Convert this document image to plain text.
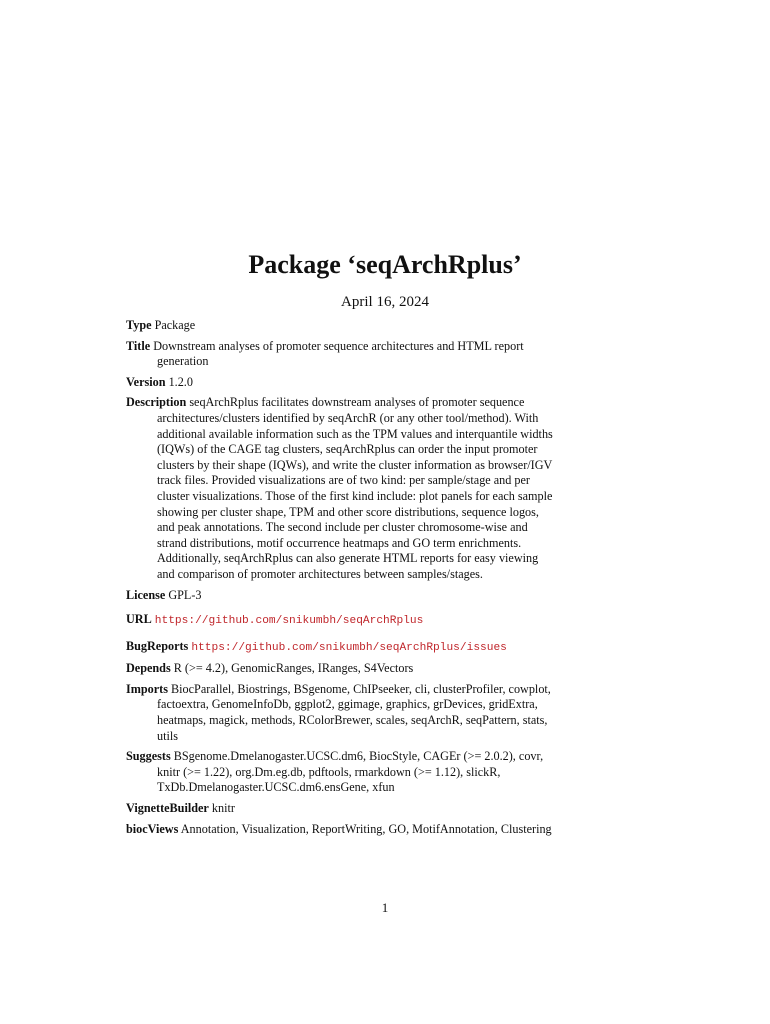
Package ‘seqArchRplus’
April 16, 2024
Type Package
Title Downstream analyses of promoter sequence architectures and HTML report generation
Version 1.2.0
Description seqArchRplus facilitates downstream analyses of promoter sequence architectures/clusters identified by seqArchR (or any other tool/method). With additional available information such as the TPM values and interquantile widths (IQWs) of the CAGE tag clusters, seqArchRplus can order the input promoter clusters by their shape (IQWs), and write the cluster information as browser/IGV track files. Provided visualizations are of two kind: per sample/stage and per cluster visualizations. Those of the first kind include: plot panels for each sample showing per cluster shape, TPM and other score distributions, sequence logos, and peak annotations. The second include per cluster chromosome-wise and strand distributions, motif occurrence heatmaps and GO term enrichments. Additionally, seqArchRplus can also generate HTML reports for easy viewing and comparison of promoter architectures between samples/stages.
License GPL-3
URL https://github.com/snikumbh/seqArchRplus
BugReports https://github.com/snikumbh/seqArchRplus/issues
Depends R (>= 4.2), GenomicRanges, IRanges, S4Vectors
Imports BiocParallel, Biostrings, BSgenome, ChIPseeker, cli, clusterProfiler, cowplot, factoextra, GenomeInfoDb, ggplot2, ggimage, graphics, grDevices, gridExtra, heatmaps, magick, methods, RColorBrewer, scales, seqArchR, seqPattern, stats, utils
Suggests BSgenome.Dmelanogaster.UCSC.dm6, BiocStyle, CAGEr (>= 2.0.2), covr, knitr (>= 1.22), org.Dm.eg.db, pdftools, rmarkdown (>= 1.12), slickR, TxDb.Dmelanogaster.UCSC.dm6.ensGene, xfun
VignetteBuilder knitr
biocViews Annotation, Visualization, ReportWriting, GO, MotifAnnotation, Clustering
1
